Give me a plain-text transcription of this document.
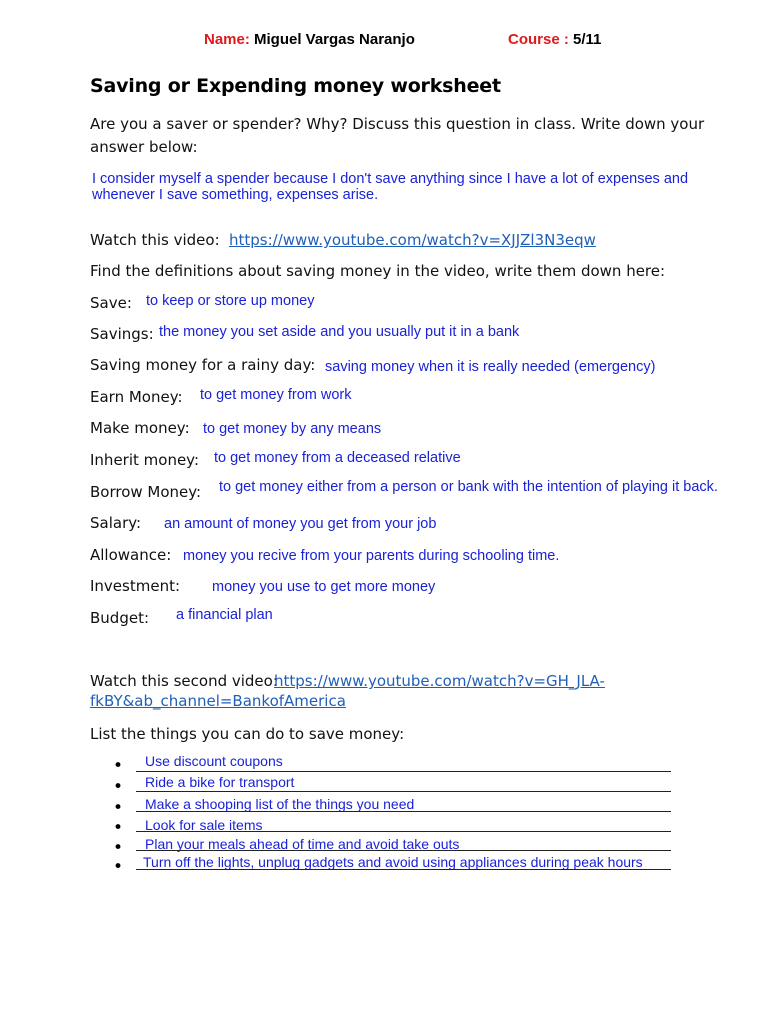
Name: Miguel Vargas Naranjo	Course : 5/11
Saving or Expending money worksheet
Are you a saver or spender? Why? Discuss this question in class. Write down your answer below:
I consider myself a spender because I don't save anything since I have a lot of expenses and whenever I save something, expenses arise.
Watch this video: https://www.youtube.com/watch?v=XJJZl3N3eqw
Find the definitions about saving money in the video, write them down here:
Save: to keep or store up money
Savings: the money you set aside and you usually put it in a bank
Saving money for a rainy day: saving money when it is really needed (emergency)
Earn Money: to get money from work
Make money: to get money by any means
Inherit money: to get money from a deceased relative
Borrow Money: to get money either from a person or bank with the intention of playing it back.
Salary: an amount of money you get from your job
Allowance: money you recive from your parents during schooling time.
Investment: money you use to get more money
Budget: a financial plan
Watch this second video:
https://www.youtube.com/watch?v=GH_JLA-
fkBY&ab_channel=BankofAmerica
List the things you can do to save money:
• Use discount coupons
• Ride a bike for transport
• Make a shooping list of the things you need
• Look for sale items
• Plan your meals ahead of time and avoid take outs
• Turn off the lights, unplug gadgets and avoid using appliances during peak hours
